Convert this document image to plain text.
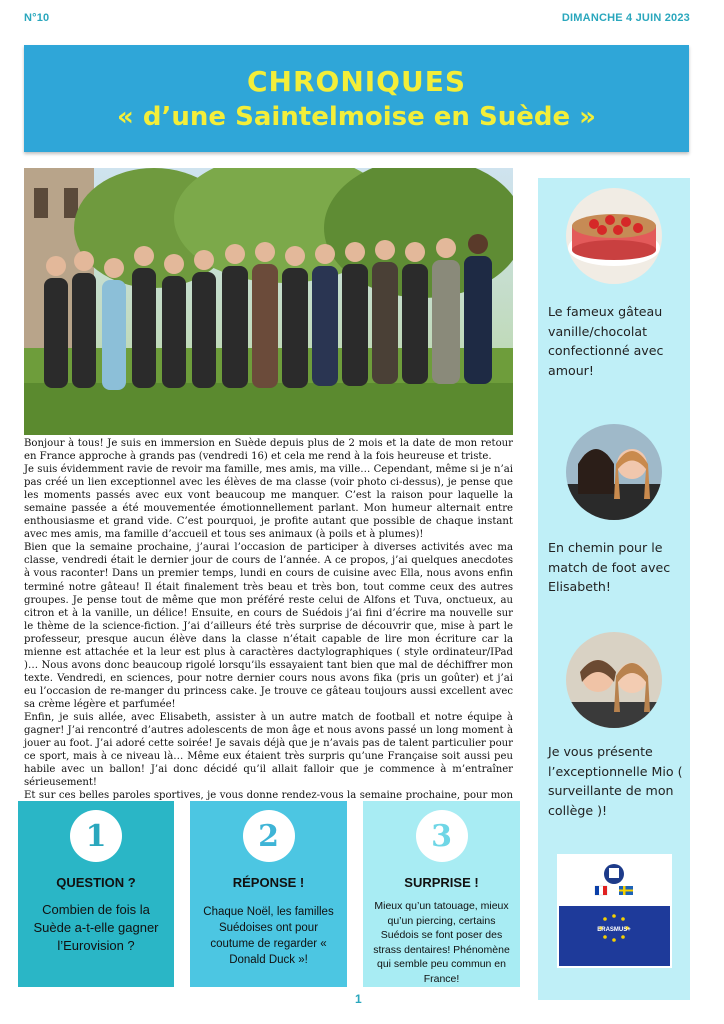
N°10	DIMANCHE 4 JUIN 2023
CHRONIQUES
« d’une Saintelmoise en Suède »

Bonjour à tous! Je suis en immersion en Suède depuis plus de 2 mois et la date de mon retour en France approche à grands pas (vendredi 16) et cela me rend à la fois heureuse et triste.

Je suis évidemment ravie de revoir ma famille, mes amis, ma ville… Cependant, même si je n’ai pas créé un lien exceptionnel avec les élèves de ma classe (voir photo ci-dessus), je pense que les moments passés avec eux vont beaucoup me manquer. C’est la raison pour laquelle la semaine passée a été mouvementée émotionnellement parlant. Mon humeur alternait entre enthousiasme et grand vide. C’est pourquoi, je profite autant que possible de chaque instant avec mes amis, ma famille d’accueil et tous ses animaux (à poils et à plumes)!

Bien que la semaine prochaine, j’aurai l’occasion de participer à diverses activités avec ma classe, vendredi était le dernier jour de cours de l’année. A ce propos, j’ai quelques anecdotes à vous raconter! Dans un premier temps, lundi en cours de cuisine avec Ella, nous avons enfin terminé notre gâteau! Il était finalement très beau et très bon, tout comme ceux des autres groupes. Je pense tout de même que mon préféré reste celui de Alfons et Tuva, onctueux, au citron et à la vanille, un délice! Ensuite, en cours de Suédois j’ai fini d’écrire ma nouvelle sur le thème de la science-fiction. J’ai d’ailleurs été très surprise de découvrir que, mise à part le professeur, presque aucun élève dans la classe n’était capable de lire mon écriture car la mienne est attachée et la leur est plus à caractères dactylographiques ( style ordinateur/IPad )… Nous avons donc beaucoup rigolé lorsqu’ils essayaient tant bien que mal de déchiffrer mon texte. Vendredi, en sciences, pour notre dernier cours nous avons fika (pris un goûter) et j’ai eu l’occasion de re-manger du princess cake. Je trouve ce gâteau toujours aussi excellent avec sa crème légère et parfumée!

Enfin, je suis allée, avec Elisabeth, assister à un autre match de football et notre équipe à gagner! J’ai rencontré d’autres adolescents de mon âge et nous avons passé un long moment à jouer au foot. J’ai adoré cette soirée! Je savais déjà que je n’avais pas de talent particulier pour ce sport, mais à ce niveau là… Même eux étaient très surpris qu’une Française soit aussi peu habile avec un ballon! J’ai donc décidé qu’il allait falloir que je commence à m’entraîner sérieusement!

Et sur ces belles paroles sportives, je vous donne rendez-vous la semaine prochaine, pour mon

1
QUESTION ?
Combien de fois la Suède a-t-elle gagner l’Eurovision ?
2
RÉPONSE !
Chaque Noël, les familles Suédoises ont pour coutume de regarder « Donald Duck »!
3
SURPRISE !
Mieux qu’un tatouage, mieux qu’un piercing, certains Suédois se font poser des strass dentaires! Phénomène qui semble peu commun en France!
Le fameux gâteau vanille/chocolat confectionné avec amour!
En chemin pour le match de foot avec Elisabeth!
Je vous présente l’exceptionnelle Mio ( surveillante de mon collège )!
ERASMUS+
1
